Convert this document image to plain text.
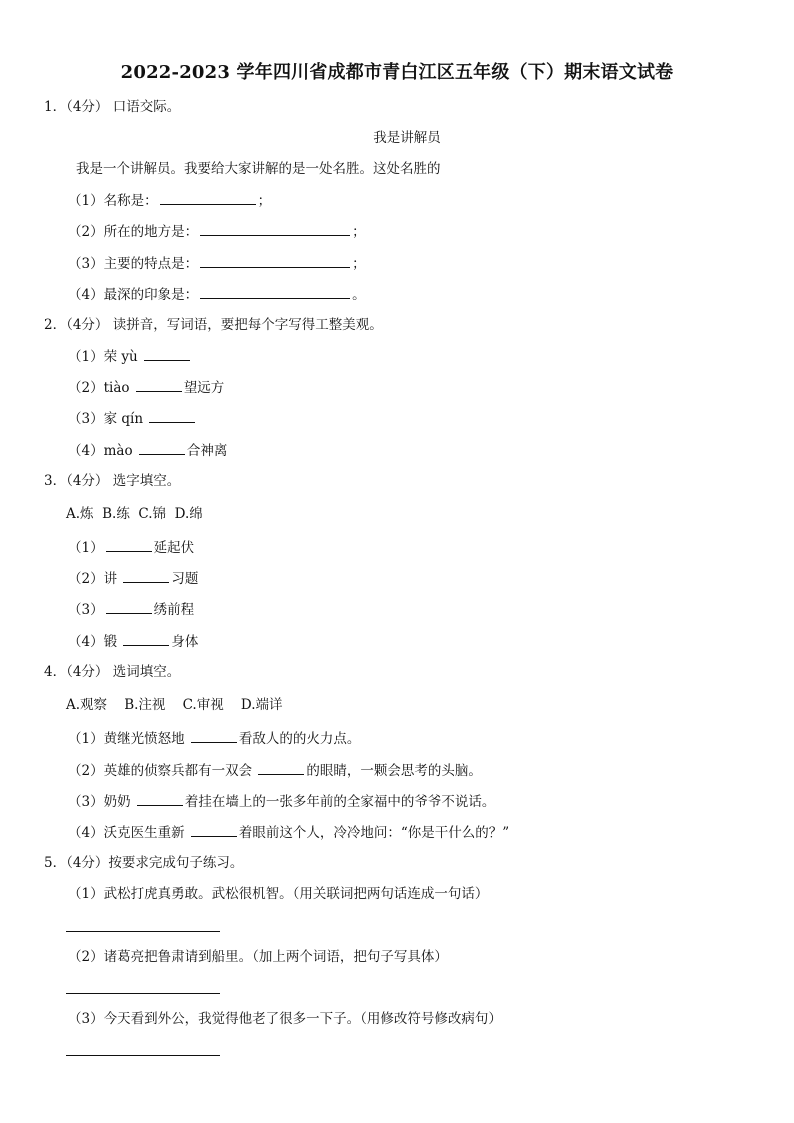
2022-2023 学年四川省成都市青白江区五年级（下）期末语文试卷
1．（4分） 口语交际。
我是讲解员
我是一个讲解员。我要给大家讲解的是一处名胜。这处名胜的
（1）名称是：	；
（2）所在的地方是：	；
（3）主要的特点是：	；
（4）最深的印象是：	。
2．（4分） 读拼音，写词语，要把每个字写得工整美观。
（1）荣 yù
（2）tiào	望远方
（3）家 qín
（4）mào	合神离
3．（4分） 选字填空。
A.炼  B.练  C.锦  D.绵
（1）	延起伏
（2）讲	习题
（3）	绣前程
（4）锻	身体
4．（4分） 选词填空。
A.观察    B.注视    C.审视    D.端详
（1）黄继光愤怒地	看敌人的的火力点。
（2）英雄的侦察兵都有一双会	的眼睛，一颗会思考的头脑。
（3）奶奶	着挂在墙上的一张多年前的全家福中的爷爷不说话。
（4）沃克医生重新	着眼前这个人，冷冷地问：“你是干什么的？”
5．（4分）按要求完成句子练习。
（1）武松打虎真勇敢。武松很机智。（用关联词把两句话连成一句话）
（2）诸葛亮把鲁肃请到船里。（加上两个词语，把句子写具体）
（3）今天看到外公，我觉得他老了很多一下子。（用修改符号修改病句）
